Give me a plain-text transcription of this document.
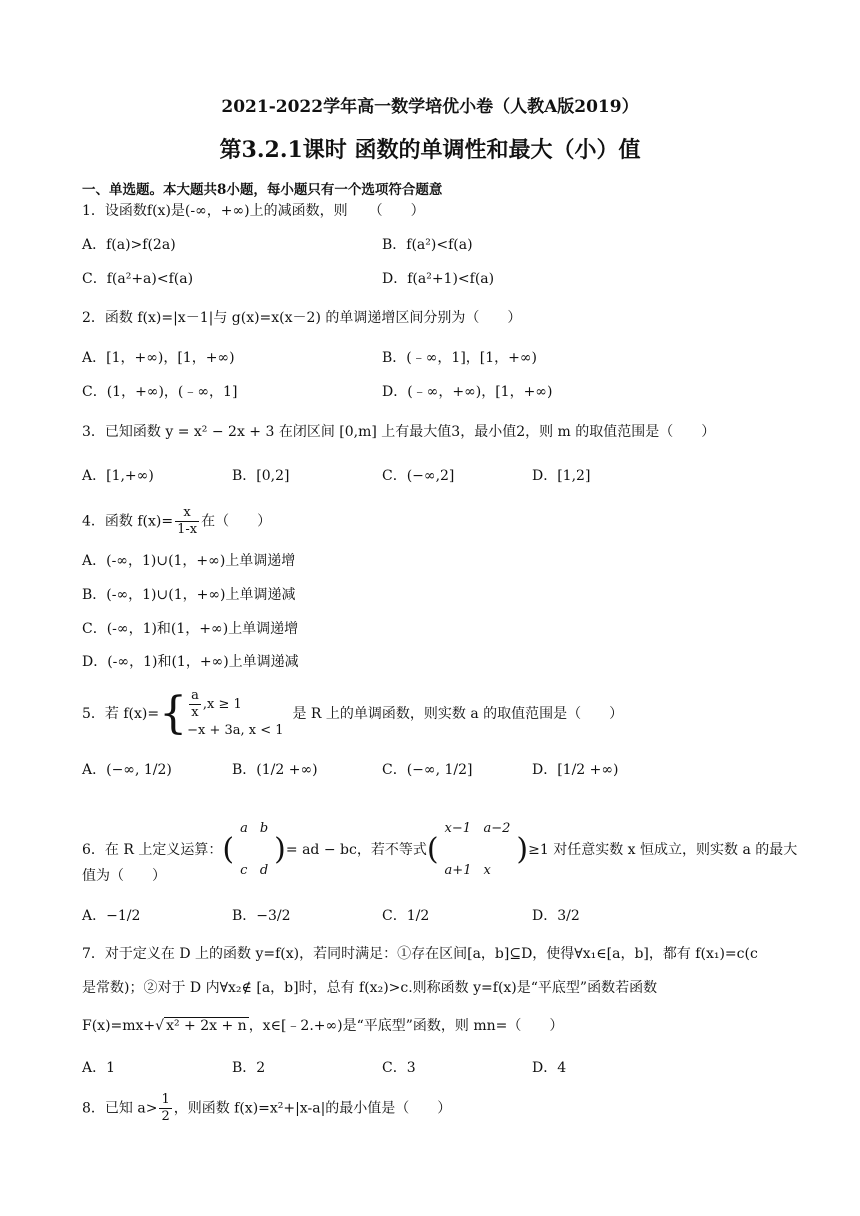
2021-2022学年高一数学培优小卷（人教A版2019）
第3.2.1课时 函数的单调性和最大（小）值
一、单选题。本大题共8小题，每小题只有一个选项符合题意
1．设函数f(x)是(-∞，+∞)上的减函数，则　　（　　）
A．f(a)>f(2a)	B．f(a²)<f(a)
C．f(a²+a)<f(a)	D．f(a²+1)<f(a)
2．函数 f(x)=|x－1|与 g(x)=x(x－2) 的单调递增区间分别为（　　）
A．[1，+∞)，[1，+∞)	B．(﹣∞，1]，[1，+∞)
C．(1，+∞)，(﹣∞，1]	D．(﹣∞，+∞)，[1，+∞)
3．已知函数 y = x² − 2x + 3 在闭区间 [0,m] 上有最大值3，最小值2，则 m 的取值范围是（　　）
A．[1,+∞)	B．[0,2]	C．(−∞,2]	D．[1,2]
4．函数 $f(x)= \frac{x}{1-x}$ 在（　　）
A．(-∞，1)∪(1，+∞)上单调递增
B．(-∞，1)∪(1，+∞)上单调递减
C．(-∞，1)和(1，+∞)上单调递增
D．(-∞，1)和(1，+∞)上单调递减
5．若 $f(x)=\{ \frac{a}{x} ,x \ge 1$
−x + 3a, x < 1  是 R 上的单调函数，则实数 a 的取值范围是（　　）
A．(−∞, 1/2)	B．(1/2 +∞)	C．(−∞, 1/2]	D．[1/2 +∞)
6．在 R 上定义运算：(
a	b
c	d
)= ad − bc，若不等式(
x−1	a−2
a+1	x
)≥1 对任意实数 x 恒成立，则实数 a 的最大
值为（　　）
A．−1/2	B．−3/2	C．1/2	D．3/2
7．对于定义在 D 上的函数 y=f(x)，若同时满足：①存在区间[a，b]⊆D，使得∀x₁∈[a，b]，都有 f(x₁)=c(c
是常数)；②对于 D 内∀x₂∉ [a，b]时，总有 f(x₂)>c.则称函数 y=f(x)是“平底型”函数若函数
F(x)=mx+√ x² + 2x + n ，x∈[﹣2.+∞)是“平底型”函数，则 mn=（　　）
A．1	B．2	C．3	D．4
8．已知 $a> \frac{1}{2}$ ，则函数 f(x)=x²+|x-a|的最小值是（　　）
